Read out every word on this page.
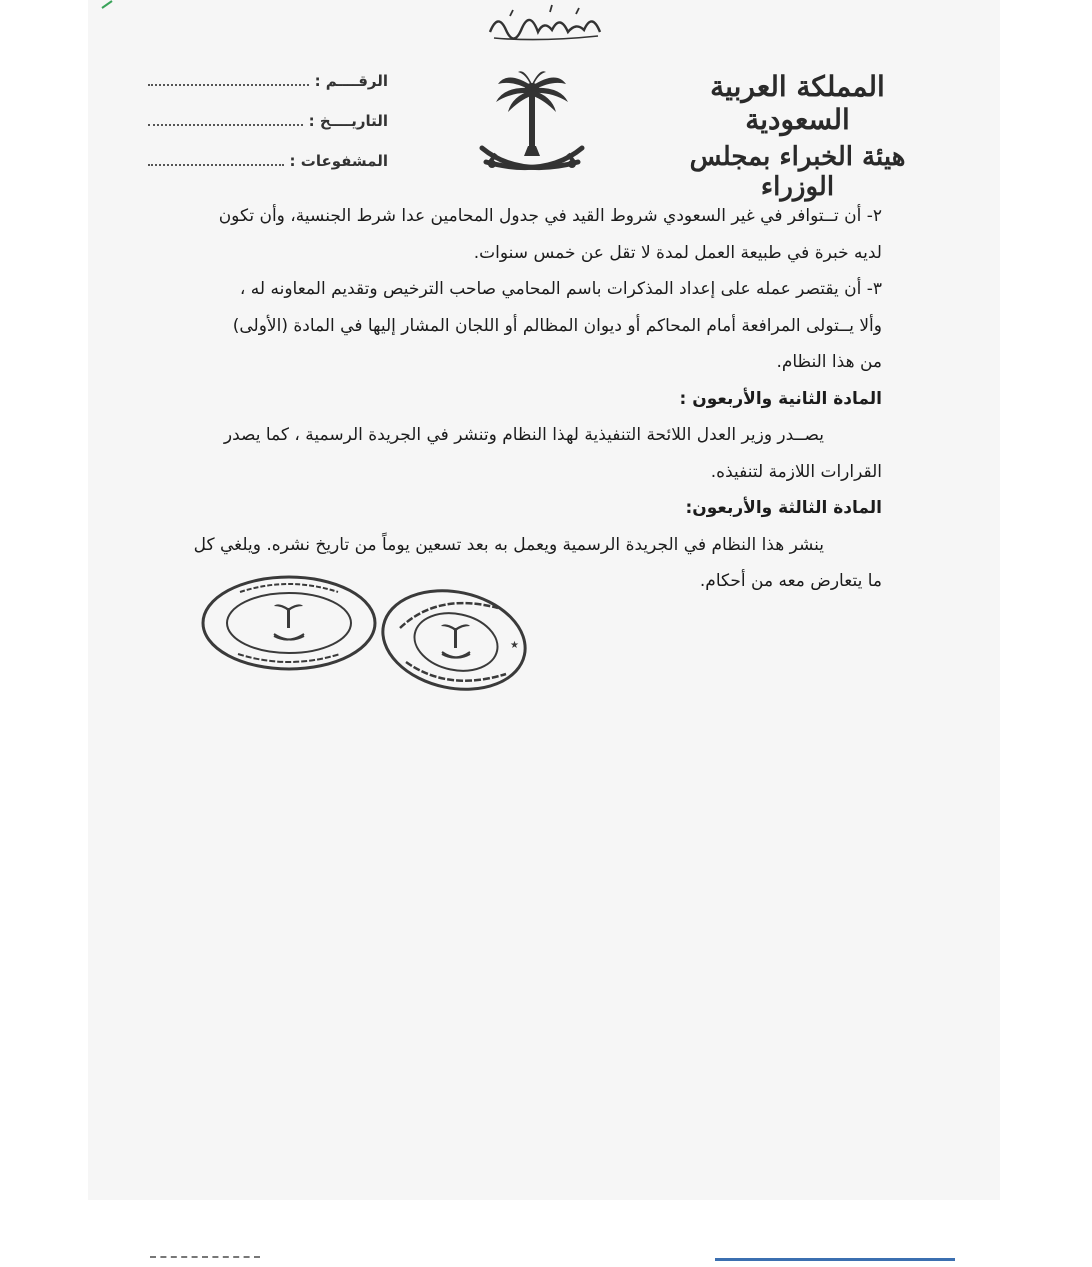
المملكة العربية السعودية
هيئة الخبراء بمجلس الوزراء
الرقــــم :
التاريــــخ :
المشفوعات :

٢- أن تــتوافر في غير السعودي شروط القيد في جدول المحامين عدا شرط الجنسية، وأن تكون

لديه خبرة في طبيعة العمل لمدة لا تقل عن خمس سنوات.

٣- أن يقتصر عمله على إعداد المذكرات باسم المحامي صاحب الترخيص وتقديم المعاونه له ،

وألا يــتولى المرافعة أمام المحاكم أو ديوان المظالم أو اللجان المشار إليها في المادة (الأولى)

من هذا النظام.

المادة الثانية والأربعون :

يصــدر وزير العدل اللائحة التنفيذية لهذا النظام وتنشر في الجريدة الرسمية ، كما يصدر

القرارات اللازمة لتنفيذه.

المادة الثالثة والأربعون:

ينشر هذا النظام في الجريدة الرسمية ويعمل به بعد تسعين يوماً من تاريخ نشره. ويلغي كل

ما يتعارض معه من أحكام.

★
